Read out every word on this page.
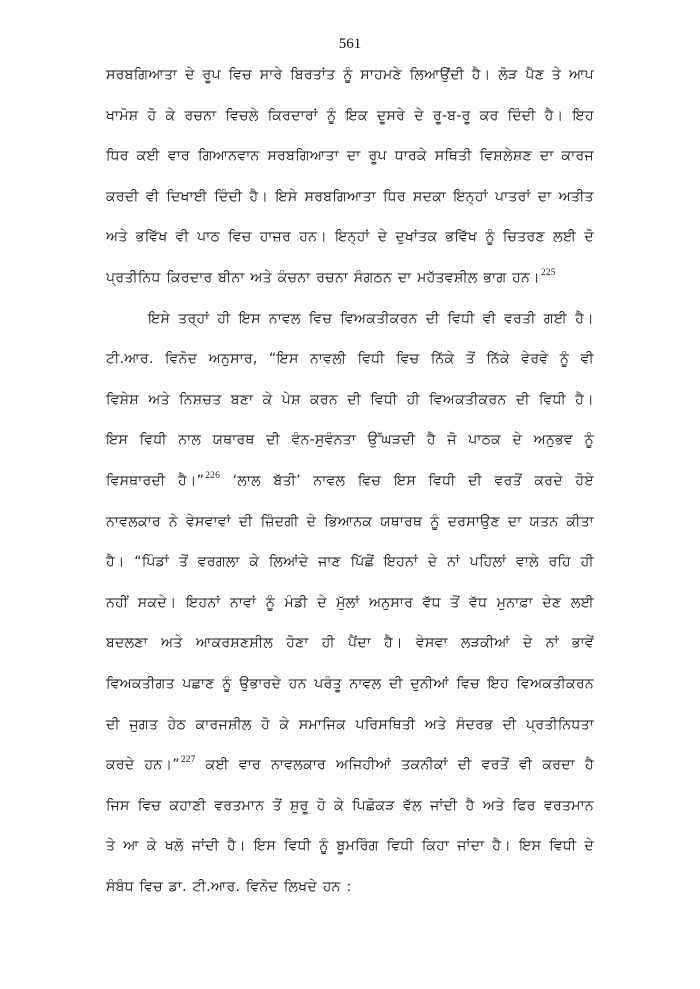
561
ਸਰਬਗਿਆਤਾ ਦੇ ਰੂਪ ਵਿਚ ਸਾਰੇ ਬਿਰਤਾਂਤ ਨੂੰ ਸਾਹਮਣੇ ਲਿਆਉਂਦੀ ਹੈ। ਲੋੜ ਪੈਣ ਤੇ ਆਪ
ਖਾਮੋਸ਼ ਹੋ ਕੇ ਰਚਨਾ ਵਿਚਲੇ ਕਿਰਦਾਰਾਂ ਨੂੰ ਇਕ ਦੂਸਰੇ ਦੇ ਰੂ-ਬ-ਰੂ ਕਰ ਦਿੰਦੀ ਹੈ। ਇਹ
ਧਿਰ ਕਈ ਵਾਰ ਗਿਆਨਵਾਨ ਸਰਬਗਿਆਤਾ ਦਾ ਰੂਪ ਧਾਰਕੇ ਸਥਿਤੀ ਵਿਸ਼ਲੇਸ਼ਣ ਦਾ ਕਾਰਜ
ਕਰਦੀ ਵੀ ਦਿਖਾਈ ਦਿੰਦੀ ਹੈ। ਇਸੇ ਸਰਬਗਿਆਤਾ ਧਿਰ ਸਦਕਾ ਇਨ੍ਹਾਂ ਪਾਤਰਾਂ ਦਾ ਅਤੀਤ
ਅਤੇ ਭਵਿੱਖ ਵੀ ਪਾਠ ਵਿਚ ਹਾਜ਼ਰ ਹਨ। ਇਨ੍ਹਾਂ ਦੇ ਦੁਖਾਂਤਕ ਭਵਿੱਖ ਨੂੰ ਚਿਤਰਣ ਲਈ ਦੋ
ਪ੍ਰਤੀਨਿਧ ਕਿਰਦਾਰ ਬੀਨਾ ਅਤੇ ਕੰਚਨਾ ਰਚਨਾ ਸੰਗਠਨ ਦਾ ਮਹੱਤਵਸ਼ੀਲ ਭਾਗ ਹਨ।$^{225}$
ਇਸੇ ਤਰ੍ਹਾਂ ਹੀ ਇਸ ਨਾਵਲ ਵਿਚ ਵਿਅਕਤੀਕਰਨ ਦੀ ਵਿਧੀ ਵੀ ਵਰਤੀ ਗਈ ਹੈ।
ਟੀ.ਆਰ. ਵਿਨੋਦ ਅਨੁਸਾਰ, “ਇਸ ਨਾਵਲੀ ਵਿਧੀ ਵਿਚ ਨਿੱਕੇ ਤੋਂ ਨਿੱਕੇ ਵੇਰਵੇ ਨੂੰ ਵੀ
ਵਿਸ਼ੇਸ਼ ਅਤੇ ਨਿਸ਼ਚਤ ਬਣਾ ਕੇ ਪੇਸ਼ ਕਰਨ ਦੀ ਵਿਧੀ ਹੀ ਵਿਅਕਤੀਕਰਨ ਦੀ ਵਿਧੀ ਹੈ।
ਇਸ ਵਿਧੀ ਨਾਲ ਯਥਾਰਥ ਦੀ ਵੰਨ-ਸੁਵੰਨਤਾ ਉੱਘੜਦੀ ਹੈ ਜੋ ਪਾਠਕ ਦੇ ਅਨੁਭਵ ਨੂੰ
ਵਿਸਥਾਰਦੀ ਹੈ।”$^{226}$ ‘ਲਾਲ ਬੱਤੀ’ ਨਾਵਲ ਵਿਚ ਇਸ ਵਿਧੀ ਦੀ ਵਰਤੋਂ ਕਰਦੇ ਹੋਏ
ਨਾਵਲਕਾਰ ਨੇ ਵੇਸਵਾਵਾਂ ਦੀ ਜ਼ਿੰਦਗੀ ਦੇ ਭਿਆਨਕ ਯਥਾਰਥ ਨੂੰ ਦਰਸਾਉਣ ਦਾ ਯਤਨ ਕੀਤਾ
ਹੈ। “ਪਿੰਡਾਂ ਤੋਂ ਵਰਗਲਾ ਕੇ ਲਿਆਂਦੇ ਜਾਣ ਪਿੱਛੋਂ ਇਹਨਾਂ ਦੇ ਨਾਂ ਪਹਿਲਾਂ ਵਾਲੇ ਰਹਿ ਹੀ
ਨਹੀਂ ਸਕਦੇ। ਇਹਨਾਂ ਨਾਵਾਂ ਨੂੰ ਮੰਡੀ ਦੇ ਮੁੱਲਾਂ ਅਨੁਸਾਰ ਵੱਧ ਤੋਂ ਵੱਧ ਮੁਨਾਫ਼ਾ ਦੇਣ ਲਈ
ਬਦਲਣਾ ਅਤੇ ਆਕਰਸ਼ਣਸ਼ੀਲ ਹੋਣਾ ਹੀ ਪੈਂਦਾ ਹੈ। ਵੇਸਵਾ ਲੜਕੀਆਂ ਦੇ ਨਾਂ ਭਾਵੇਂ
ਵਿਅਕਤੀਗਤ ਪਛਾਣ ਨੂੰ ਉਭਾਰਦੇ ਹਨ ਪਰੰਤੂ ਨਾਵਲ ਦੀ ਦੁਨੀਆਂ ਵਿਚ ਇਹ ਵਿਅਕਤੀਕਰਨ
ਦੀ ਜੁਗਤ ਹੇਠ ਕਾਰਜਸ਼ੀਲ ਹੋ ਕੇ ਸਮਾਜਿਕ ਪਰਿਸਥਿਤੀ ਅਤੇ ਸੰਦਰਭ ਦੀ ਪ੍ਰਤੀਨਿਧਤਾ
ਕਰਦੇ ਹਨ।”$^{227}$ ਕਈ ਵਾਰ ਨਾਵਲਕਾਰ ਅਜਿਹੀਆਂ ਤਕਨੀਕਾਂ ਦੀ ਵਰਤੋਂ ਵੀ ਕਰਦਾ ਹੈ
ਜਿਸ ਵਿਚ ਕਹਾਣੀ ਵਰਤਮਾਨ ਤੋਂ ਸ਼ੁਰੂ ਹੋ ਕੇ ਪਿਛੋਕੜ ਵੱਲ ਜਾਂਦੀ ਹੈ ਅਤੇ ਫਿਰ ਵਰਤਮਾਨ
ਤੇ ਆ ਕੇ ਖਲੋ ਜਾਂਦੀ ਹੈ। ਇਸ ਵਿਧੀ ਨੂੰ ਬੂਮਰਿੰਗ ਵਿਧੀ ਕਿਹਾ ਜਾਂਦਾ ਹੈ। ਇਸ ਵਿਧੀ ਦੇ
ਸੰਬੰਧ ਵਿਚ ਡਾ. ਟੀ.ਆਰ. ਵਿਨੋਦ ਲਿਖਦੇ ਹਨ :
